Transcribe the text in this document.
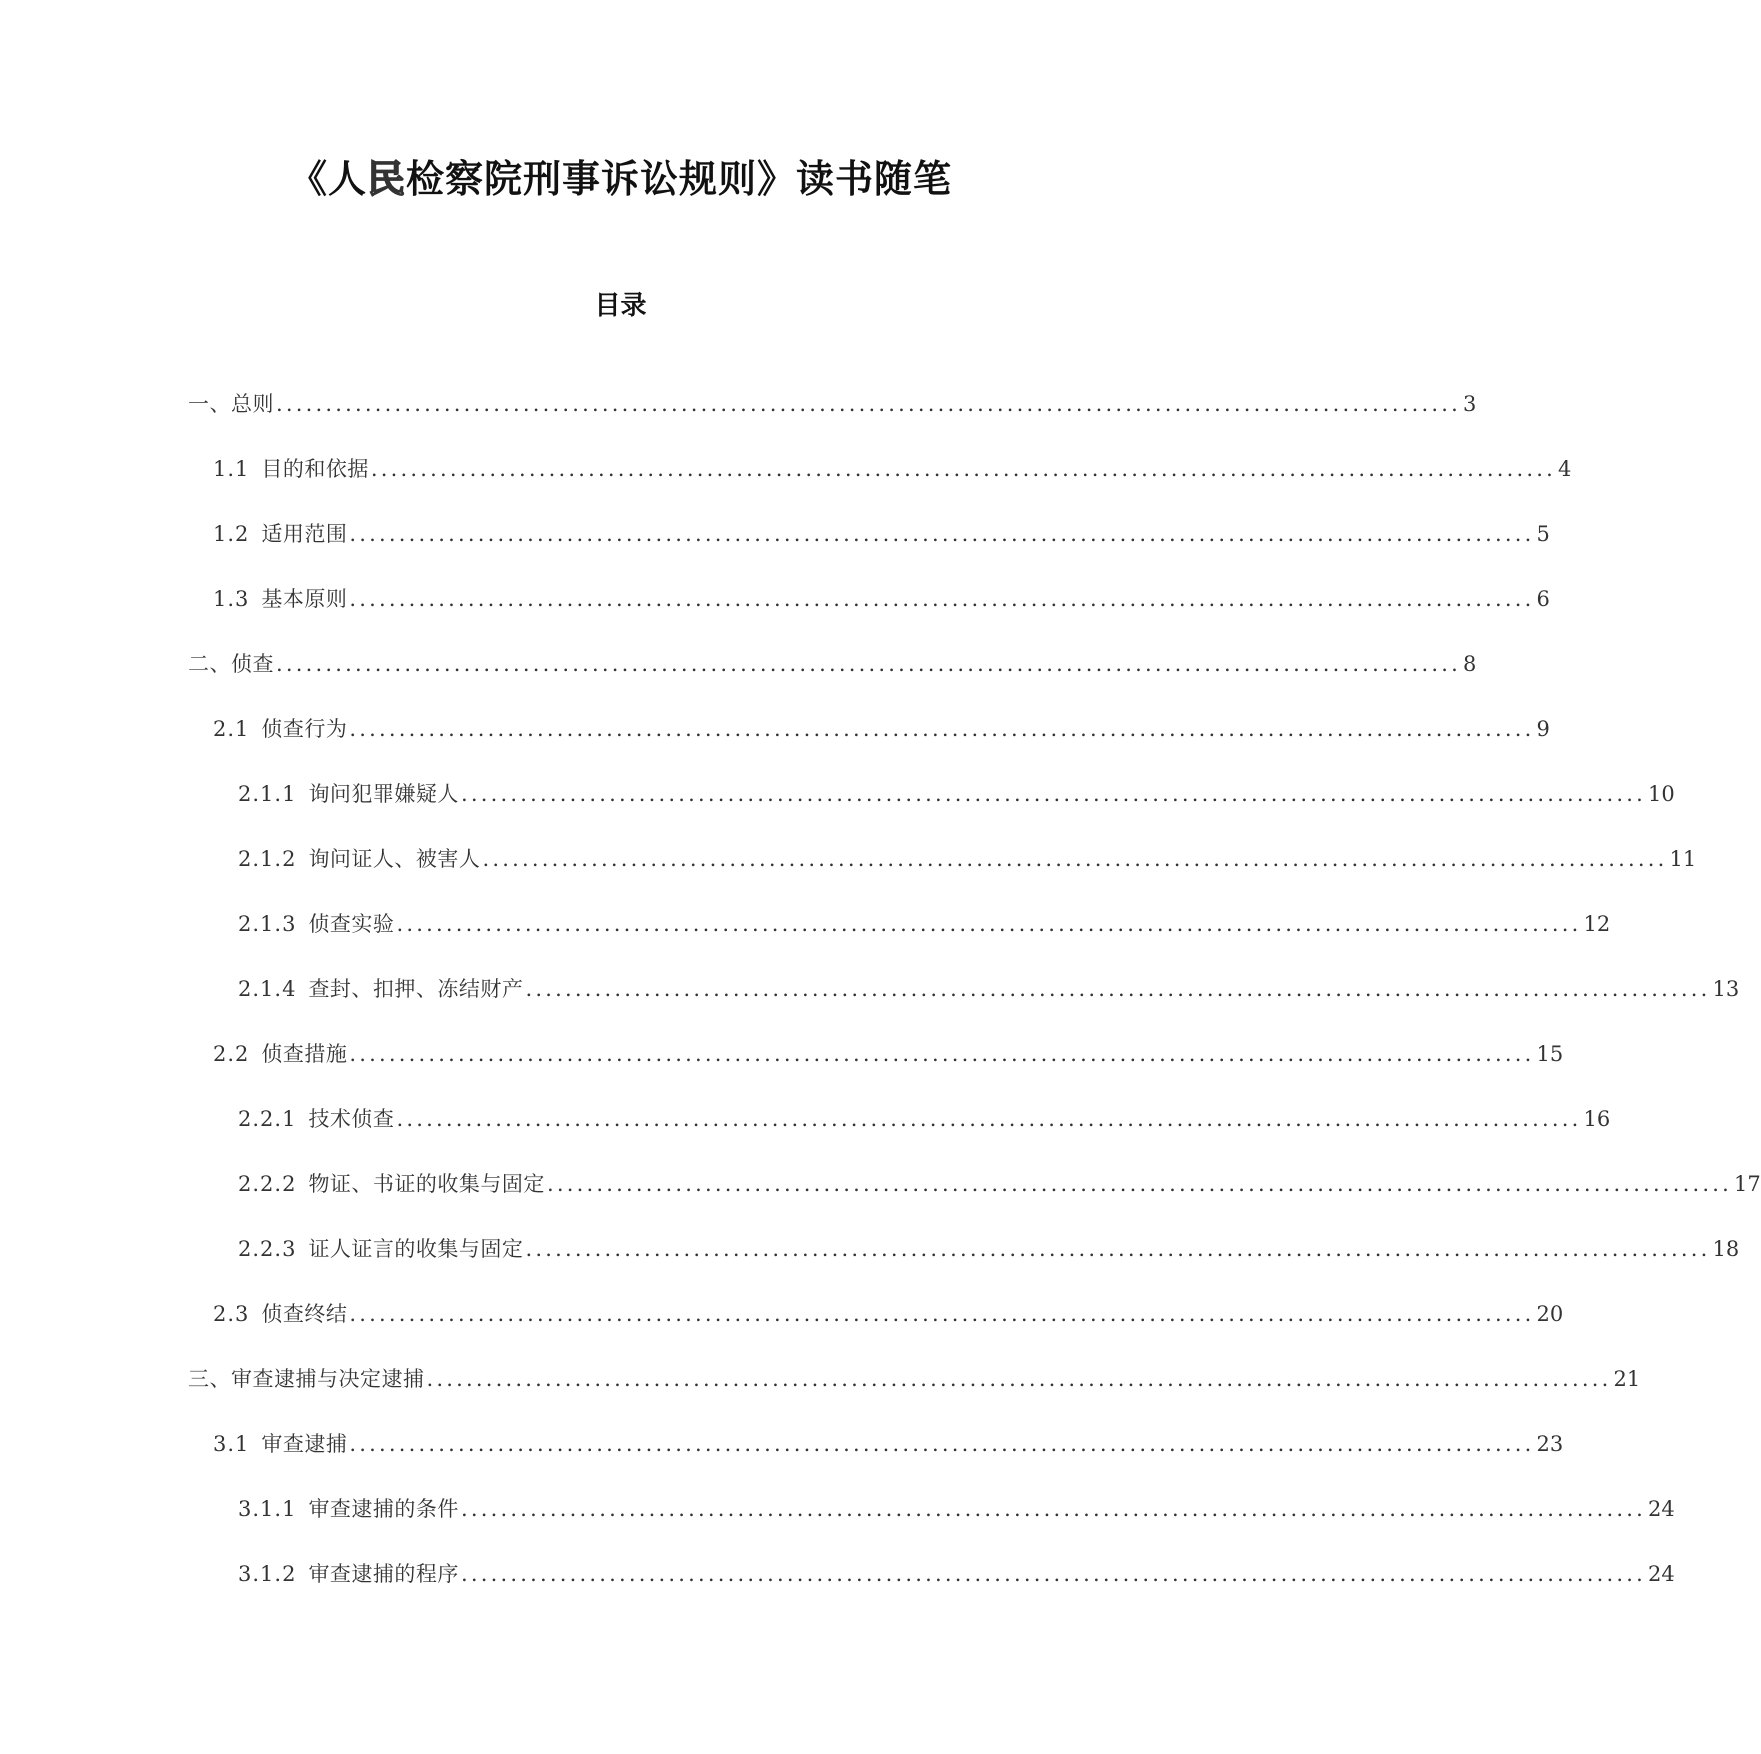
《人民检察院刑事诉讼规则》读书随笔
目录
一、总则 ........................................................................................................................ 3
1.1 目的和依据 ........................................................................................................................ 4
1.2 适用范围 ........................................................................................................................ 5
1.3 基本原则 ........................................................................................................................ 6
二、侦查 ........................................................................................................................ 8
2.1 侦查行为 ........................................................................................................................ 9
2.1.1 询问犯罪嫌疑人 ........................................................................................................................ 10
2.1.2 询问证人、被害人 ........................................................................................................................ 11
2.1.3 侦查实验 ........................................................................................................................ 12
2.1.4 查封、扣押、冻结财产 ........................................................................................................................ 13
2.2 侦查措施 ........................................................................................................................ 15
2.2.1 技术侦查 ........................................................................................................................ 16
2.2.2 物证、书证的收集与固定 ........................................................................................................................ 17
2.2.3 证人证言的收集与固定 ........................................................................................................................ 18
2.3 侦查终结 ........................................................................................................................ 20
三、审查逮捕与决定逮捕 ........................................................................................................................ 21
3.1 审查逮捕 ........................................................................................................................ 23
3.1.1 审查逮捕的条件 ........................................................................................................................ 24
3.1.2 审查逮捕的程序 ........................................................................................................................ 24
